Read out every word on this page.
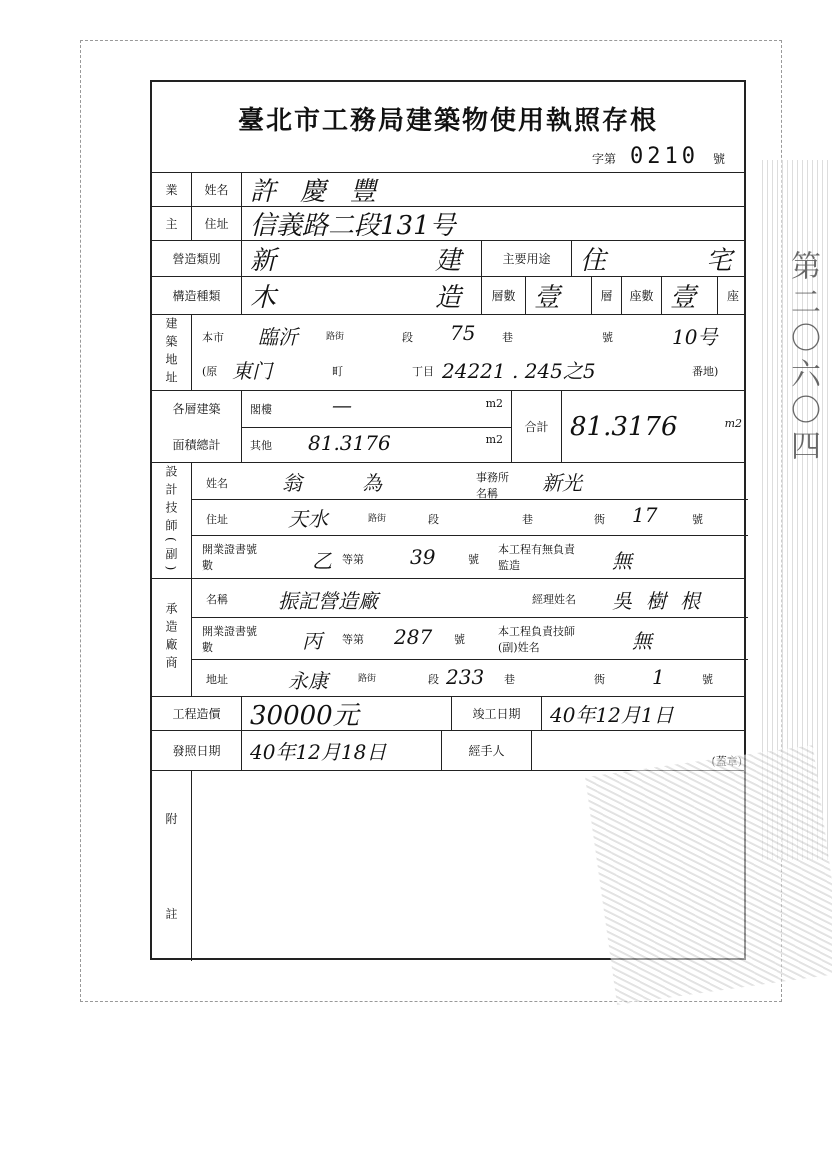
第二〇六〇四
臺北市工務局建築物使用執照存根
字第 0210 號
業	姓名 許慶豐
主	住址 信義路二段131号
營造類別	新	建	主要用途	住	宅
構造種類	木	造	層數 壹	層	座數 壹	座
建築地址	本市 臨沂	路街	段 75 巷	號	10号
(原 東门	町	丁目 24221 . 245之5	番地)
各層建築
面積總計
閣樓	—	m2
其他 81.3176	m2
合計 81.3176	m2
設計技師(副)	姓名	翁為	事務所名稱	新光
住址	天水	路街	段	巷	衖 17	號
開業證書號數	乙 等第 39	號
本工程有無負責監造	無
承造廠商
名稱	振記營造廠	經理姓名 吳樹根
開業證書號數	丙 等第 287 號
本工程負責技師(副)姓名	無
地址	永康	路街	段 233 巷	衖 1	號
工程造價	30000元	竣工日期	40年12月1日
發照日期	40年12月18日	經手人
附
註
